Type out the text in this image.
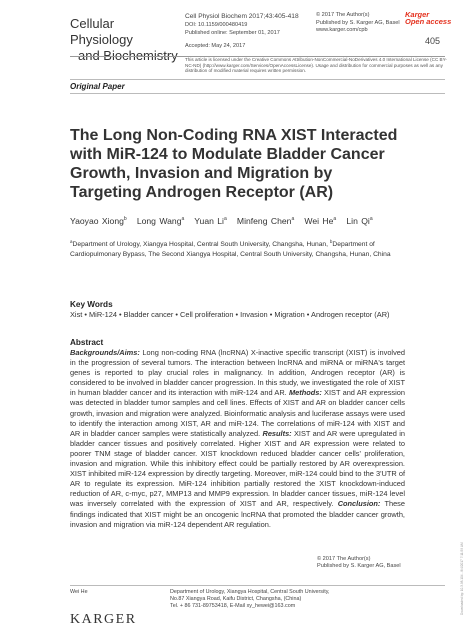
Cellular Physiology
and Biochemistry
Cell Physiol Biochem 2017;43:405-418
DOI: 10.1159/000480419
Published online: September 01, 2017
Accepted: May 24, 2017
© 2017 The Author(s)
Published by S. Karger AG, Basel
www.karger.com/cpb
Karger
Open access
405
This article is licensed under the Creative Commons Attribution-NonCommercial-NoDerivatives 4.0 International License (CC BY-NC-ND) (http://www.karger.com/Services/OpenAccessLicense). Usage and distribution for commercial purposes as well as any distribution of modified material requires written permission.
Original Paper
The Long Non-Coding RNA XIST Interacted with MiR-124 to Modulate Bladder Cancer Growth, Invasion and Migration by Targeting Androgen Receptor (AR)
Yaoyao Xiong$^b$ Long Wang$^a$ Yuan Li$^a$ Minfeng Chen$^a$ Wei He$^a$ Lin Qi$^a$
$^a$Department of Urology, Xiangya Hospital, Central South University, Changsha, Hunan, $^b$Department of Cardiopulmonary Bypass, The Second Xiangya Hospital, Central South University, Changsha, Hunan, China
Key Words
Xist • MiR-124 • Bladder cancer • Cell proliferation • Invasion • Migration • Androgen receptor (AR)
Abstract
Backgrounds/Aims: Long non-coding RNA (lncRNA) X-inactive specific transcript (XIST) is involved in the progression of several tumors. The interaction between lncRNA and miRNA or miRNA's target genes is reported to play crucial roles in malignancy. In addition, Androgen receptor (AR) is considered to be involved in bladder cancer progression. In this study, we investigated the role of XIST in human bladder cancer and its interaction with miR-124 and AR. Methods: XIST and AR expression was detected in bladder tumor samples and cell lines. Effects of XIST and AR on bladder cancer cells growth, invasion and migration were analyzed. Bioinformatic analysis and luciferase assays were used to identify the interaction among XIST, AR and miR-124. The correlations of miR-124 with XIST and AR in bladder cancer samples were statistically analyzed. Results: XIST and AR were upregulated in bladder cancer tissues and positively correlated. Higher XIST and AR expression were related to poorer TNM stage of bladder cancer. XIST knockdown reduced bladder cancer cells' proliferation, invasion and migration. While this inhibitory effect could be partially restored by AR overexpression. XIST inhibited miR-124 expression by directly targeting. Moreover, miR-124 could bind to the 3'UTR of AR to regulate its expression. MiR-124 inhibition partially restored the XIST knockdown-induced reduction of AR, c-myc, p27, MMP13 and MMP9 expression. In bladder cancer tissues, miR-124 level was inversely correlated with the expression of XIST and AR, respectively. Conclusion: These findings indicated that XIST might be an oncogenic lncRNA that promoted the bladder cancer growth, invasion and migration via miR-124 dependent AR regulation.
© 2017 The Author(s)
Published by S. Karger AG, Basel
Wei He	Department of Urology, Xiangya Hospital, Central South University,
No.87 Xiangya Road, Kaifu District, Changsha, (China)
Tel. + 86 731-89753418, E-Mail xy_hewei@163.com
KARGER
Downloaded by: 10.3.98.104 - 8/4/2017 7:11:59 AM
